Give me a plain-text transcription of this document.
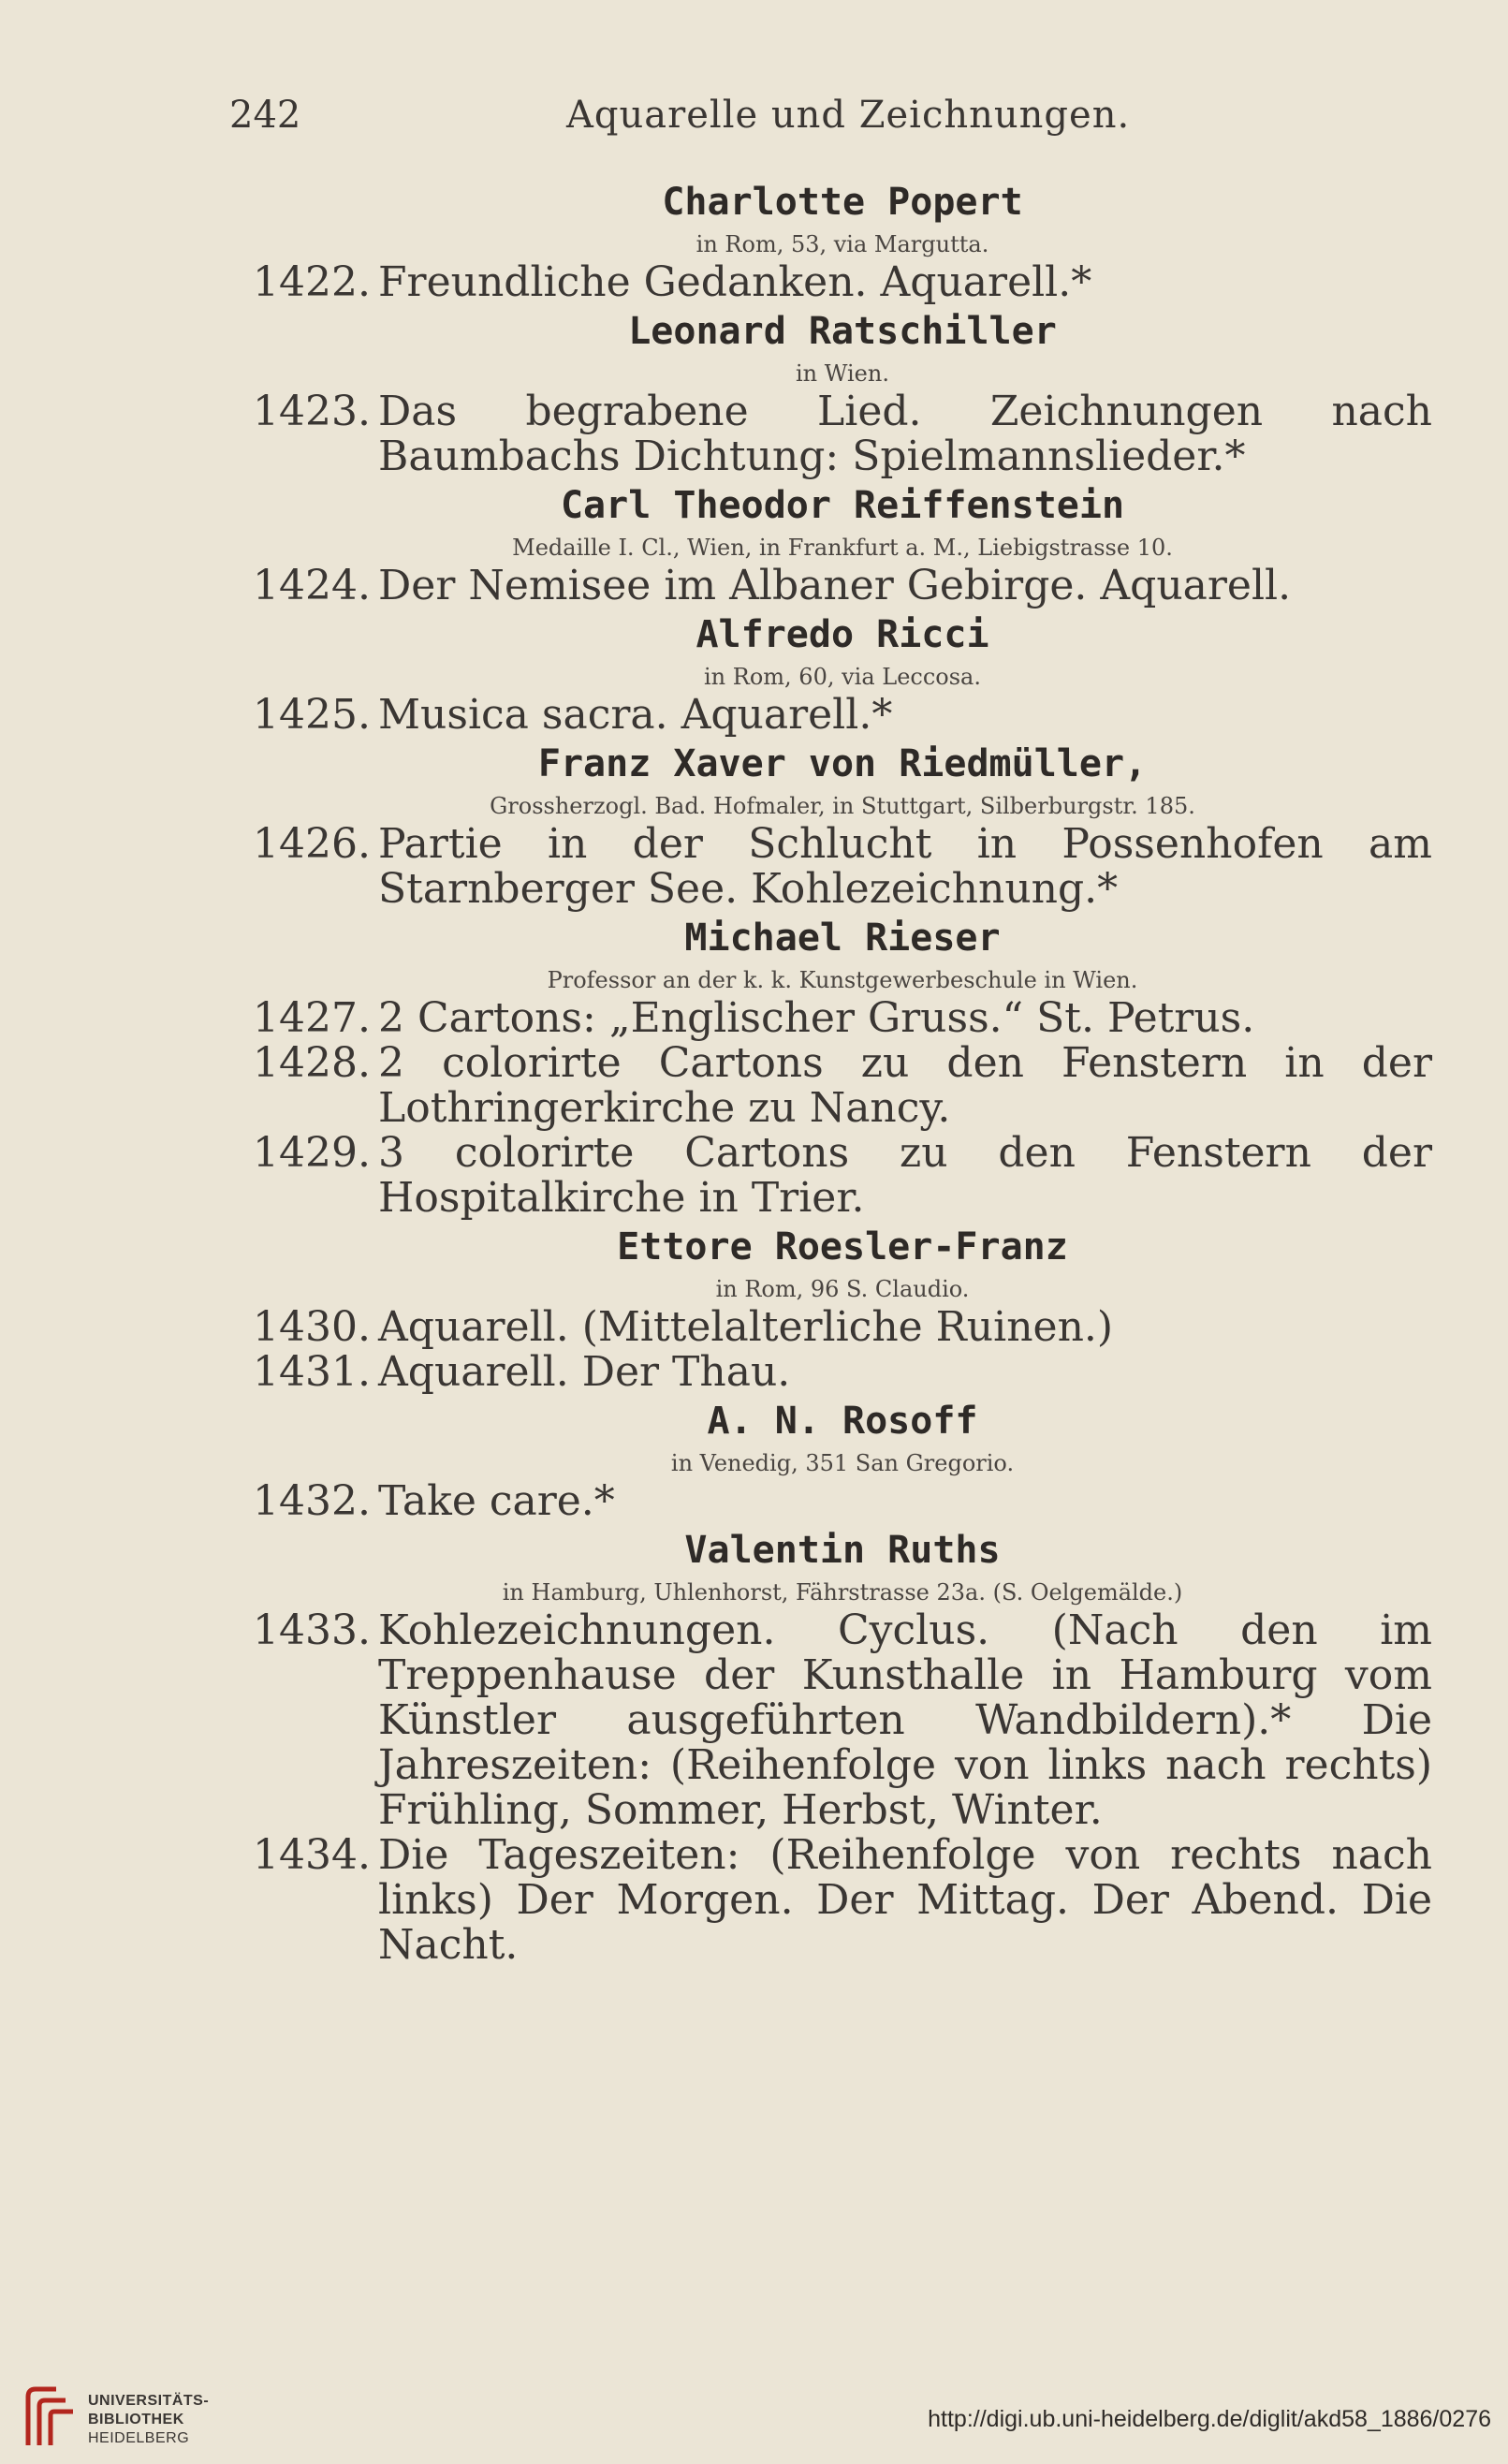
242	Aquarelle und Zeichnungen.
Charlotte Popert
in Rom, 53, via Margutta.
1422. Freundliche Gedanken. Aquarell.*
Leonard Ratschiller
in Wien.
1423. Das begrabene Lied. Zeichnungen nach Baumbachs Dichtung: Spielmannslieder.*
Carl Theodor Reiffenstein
Medaille I. Cl., Wien, in Frankfurt a. M., Liebigstrasse 10.
1424. Der Nemisee im Albaner Gebirge. Aquarell.
Alfredo Ricci
in Rom, 60, via Leccosa.
1425. Musica sacra. Aquarell.*
Franz Xaver von Riedmüller,
Grossherzogl. Bad. Hofmaler, in Stuttgart, Silberburgstr. 185.
1426. Partie in der Schlucht in Possenhofen am Starnberger See. Kohlezeichnung.*
Michael Rieser
Professor an der k. k. Kunstgewerbeschule in Wien.
1427. 2 Cartons: „Englischer Gruss.“ St. Petrus.
1428. 2 colorirte Cartons zu den Fenstern in der Lothringerkirche zu Nancy.
1429. 3 colorirte Cartons zu den Fenstern der Hospitalkirche in Trier.
Ettore Roesler-Franz
in Rom, 96 S. Claudio.
1430. Aquarell. (Mittelalterliche Ruinen.)
1431. Aquarell. Der Thau.
A. N. Rosoff
in Venedig, 351 San Gregorio.
1432. Take care.*
Valentin Ruths
in Hamburg, Uhlenhorst, Fährstrasse 23a. (S. Oelgemälde.)
1433. Kohlezeichnungen. Cyclus. (Nach den im Treppenhause der Kunsthalle in Hamburg vom Künstler ausgeführten Wandbildern).* Die Jahreszeiten: (Reihenfolge von links nach rechts) Frühling, Sommer, Herbst, Winter.
1434. Die Tageszeiten: (Reihenfolge von rechts nach links) Der Morgen. Der Mittag. Der Abend. Die Nacht.
UNIVERSITÄTS-
BIBLIOTHEK
HEIDELBERG
http://digi.ub.uni-heidelberg.de/diglit/akd58_1886/0276
